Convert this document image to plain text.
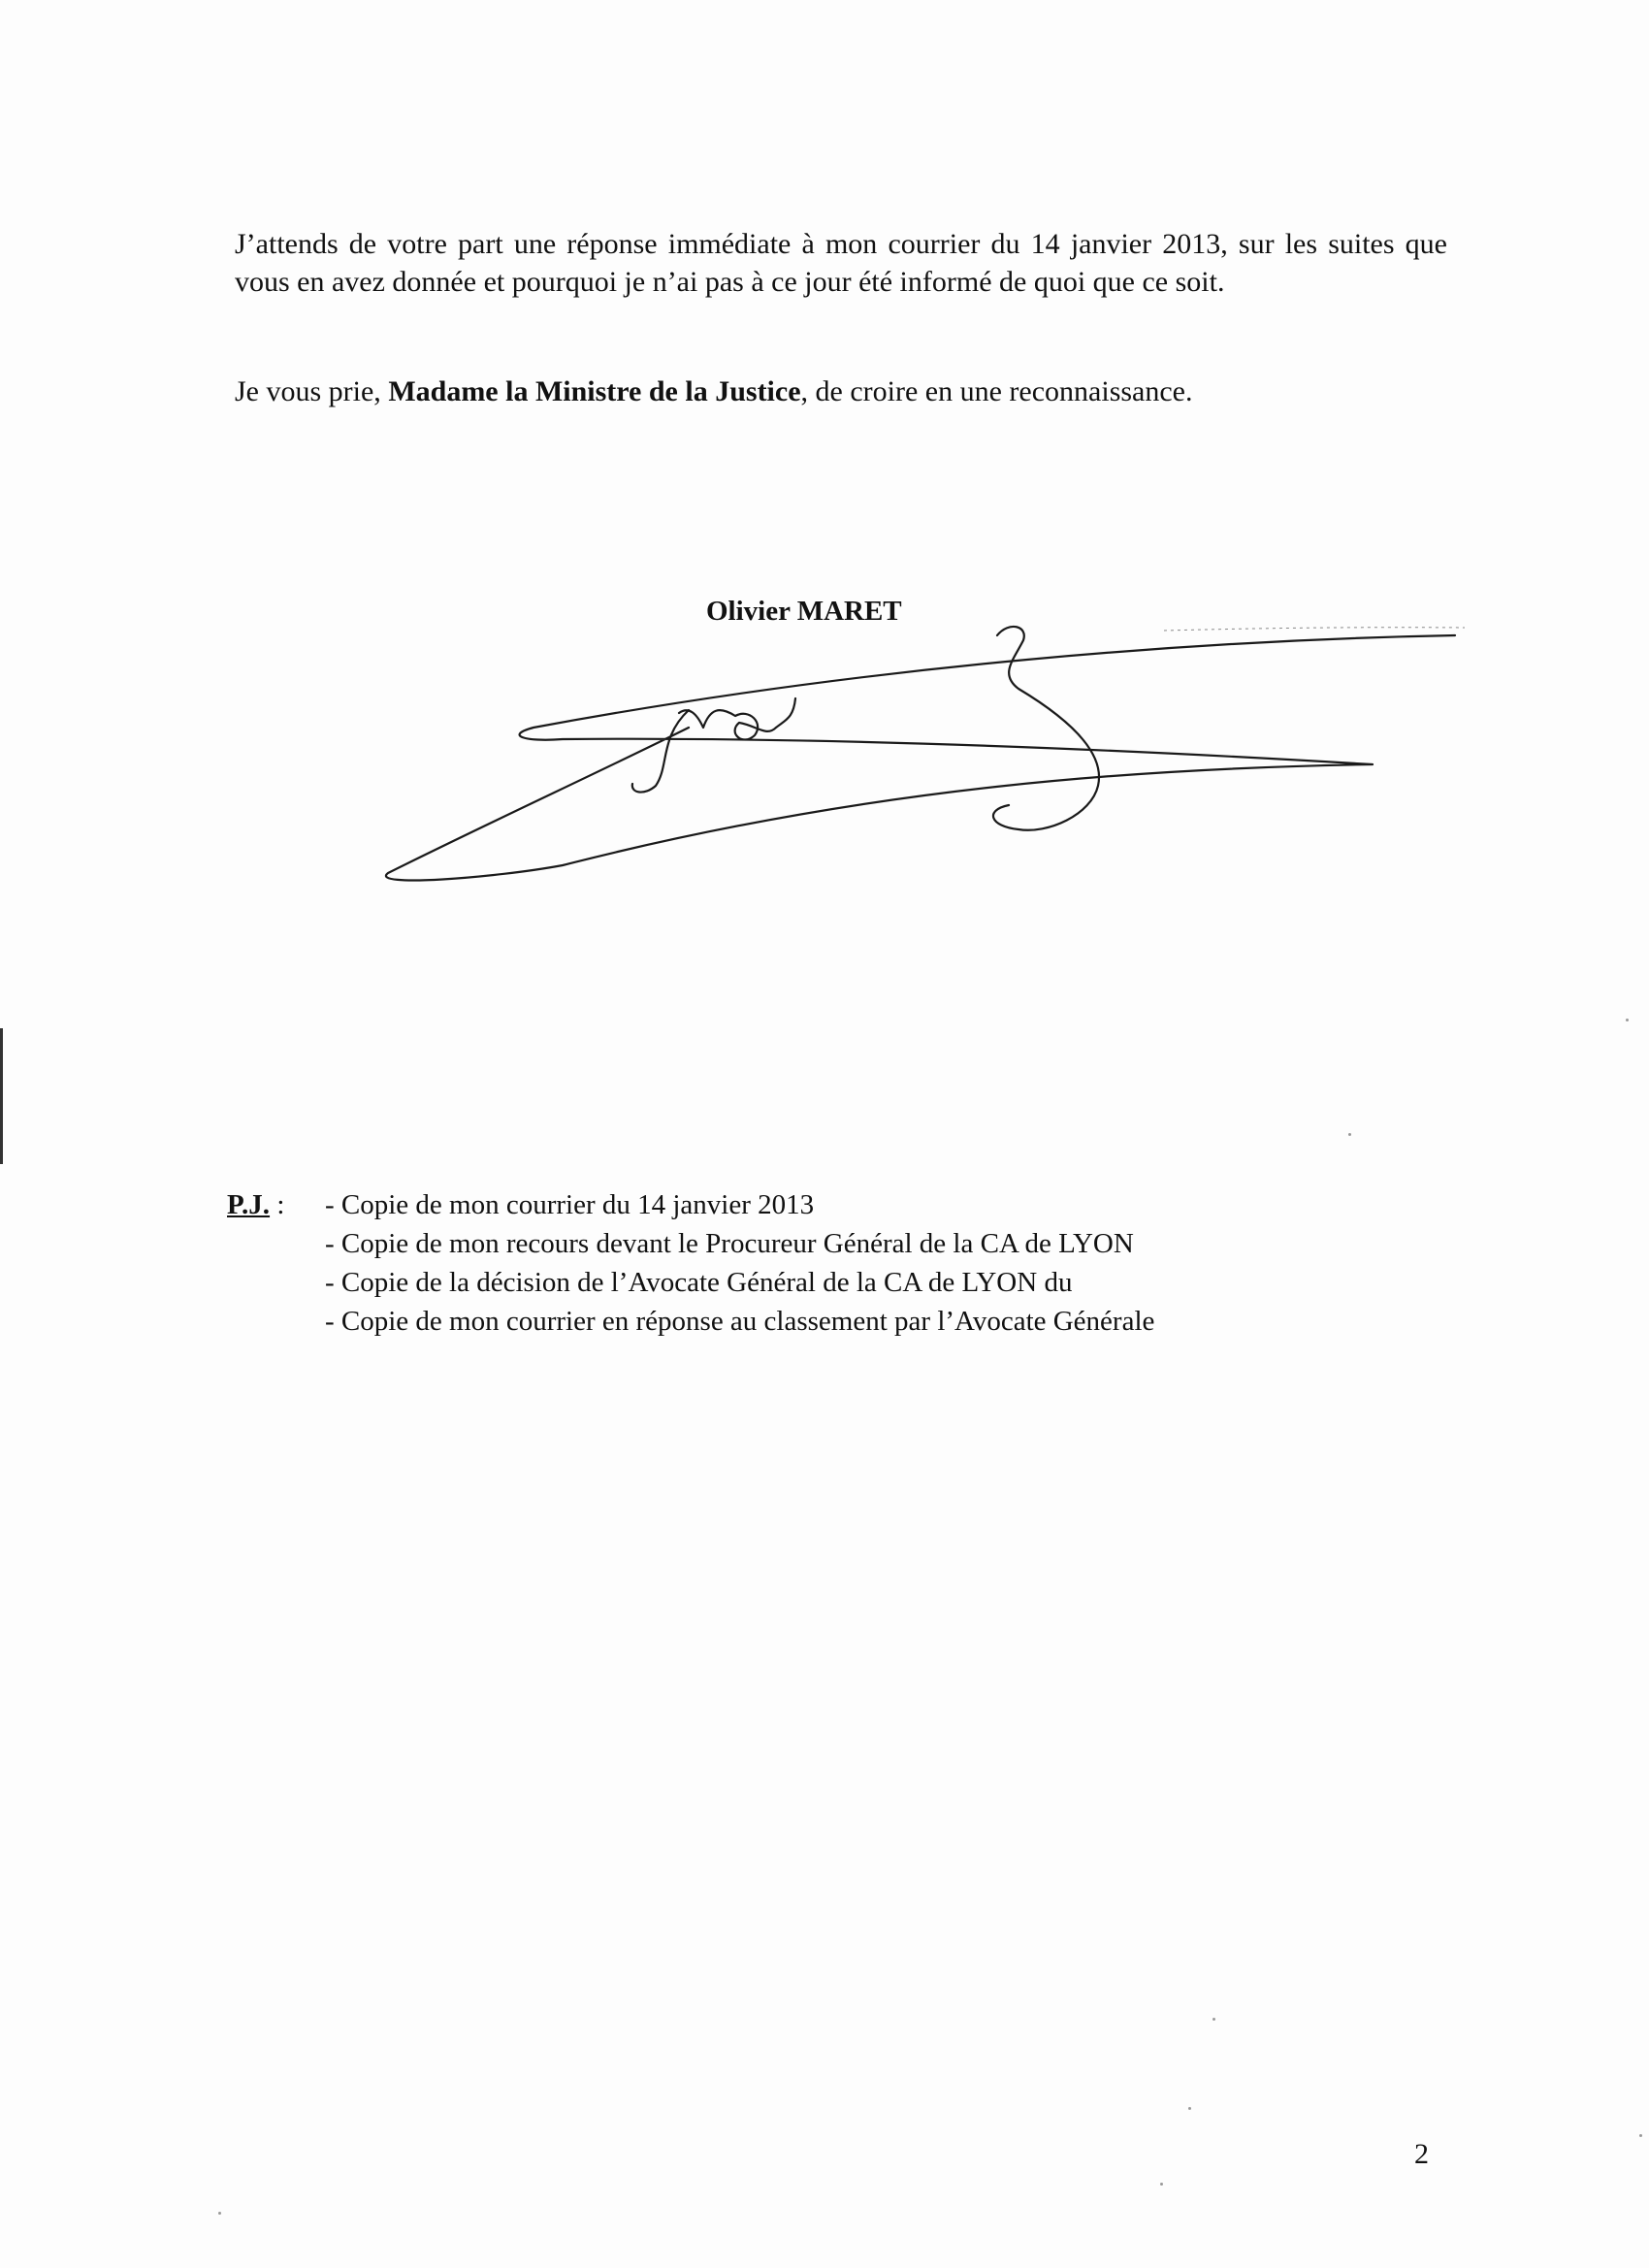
J’attends de votre part une réponse immédiate à mon courrier du 14 janvier 2013, sur les suites que vous en avez donnée et pourquoi je n’ai pas à ce jour été informé de quoi que ce soit.

Je vous prie, Madame la Ministre de la Justice, de croire en une reconnaissance.

Olivier MARET

P.J. : - Copie de mon courrier du 14 janvier 2013
- Copie de mon recours devant le Procureur Général de la CA de LYON
- Copie de la décision de l’Avocate Général de la CA de LYON du
- Copie de mon courrier en réponse au classement par l’Avocate Générale
2
